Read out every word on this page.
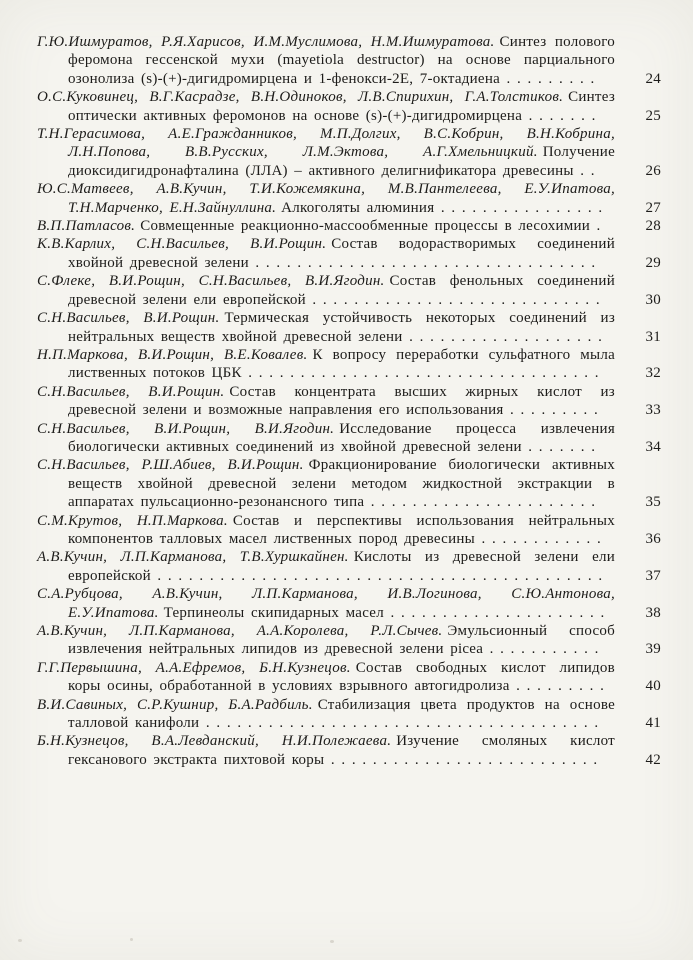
Г.Ю.Ишмуратов, Р.Я.Харисов, И.М.Муслимова, Н.М.Ишмуратова. Синтез полового феромона гессенской мухи (mayetiola destructor) на основе парциального озонолиза (s)-(+)-дигидромирцена и 1-фенокси-2Е, 7-октадиена . . . . . . . . .	24
О.С.Куковинец, В.Г.Касрадзе, В.Н.Одиноков, Л.В.Спирихин, Г.А.Толстиков. Синтез оптически активных феромонов на основе (s)-(+)-дигидромирцена . . . . . . .	25
Т.Н.Герасимова, А.Е.Гражданников, М.П.Долгих, В.С.Кобрин, В.Н.Кобрина, Л.Н.Попова, В.В.Русских, Л.М.Эктова, А.Г.Хмельницкий. Получение диоксидигидронафталина (ЛЛА) – активного делигнификатора древесины . .	26
Ю.С.Матвеев, А.В.Кучин, Т.И.Кожемякина, М.В.Пантелеева, Е.У.Ипатова, Т.Н.Марченко, Е.Н.Зайнуллина. Алкоголяты алюминия . . . . . . . . . . . . . . . .	27
В.П.Патласов. Совмещенные реакционно-массообменные процессы в лесохимии .	28
К.В.Карлих, С.Н.Васильев, В.И.Рощин. Состав водорастворимых соединений хвойной древесной зелени . . . . . . . . . . . . . . . . . . . . . . . . . . . . . . . . .	29
С.Флеке, В.И.Рощин, С.Н.Васильев, В.И.Ягодин. Состав фенольных соединений древесной зелени ели европейской . . . . . . . . . . . . . . . . . . . . . . . . . . . .	30
С.Н.Васильев, В.И.Рощин. Термическая устойчивость некоторых соединений из нейтральных веществ хвойной древесной зелени . . . . . . . . . . . . . . . . . . .	31
Н.П.Маркова, В.И.Рощин, В.Е.Ковалев. К вопросу переработки сульфатного мыла лиственных потоков ЦБК . . . . . . . . . . . . . . . . . . . . . . . . . . . . . . . . . .	32
С.Н.Васильев, В.И.Рощин. Состав концентрата высших жирных кислот из древесной зелени и возможные направления его использования . . . . . . . . .	33
С.Н.Васильев, В.И.Рощин, В.И.Ягодин. Исследование процесса извлечения биологически активных соединений из хвойной древесной зелени . . . . . . .	34
С.Н.Васильев, Р.Ш.Абиев, В.И.Рощин. Фракционирование биологически активных веществ хвойной древесной зелени методом жидкостной экстракции в аппаратах пульсационно-резонансного типа . . . . . . . . . . . . . . . . . . . . . .	35
С.М.Крутов, Н.П.Маркова. Состав и перспективы использования нейтральных компонентов талловых масел лиственных пород древесины . . . . . . . . . . . .	36
А.В.Кучин, Л.П.Карманова, Т.В.Хуршкайнен. Кислоты из древесной зелени ели европейской . . . . . . . . . . . . . . . . . . . . . . . . . . . . . . . . . . . . . . . . . . .	37
С.А.Рубцова, А.В.Кучин, Л.П.Карманова, И.В.Логинова, С.Ю.Антонова, Е.У.Ипатова. Терпинеолы скипидарных масел . . . . . . . . . . . . . . . . . . . . .	38
А.В.Кучин, Л.П.Карманова, А.А.Королева, Р.Л.Сычев. Эмульсионный способ извлечения нейтральных липидов из древесной зелени picea . . . . . . . . . . .	39
Г.Г.Первышина, А.А.Ефремов, Б.Н.Кузнецов. Состав свободных кислот липидов коры осины, обработанной в условиях взрывного автогидролиза . . . . . . . . .	40
В.И.Савиных, С.Р.Кушнир, Б.А.Радбиль. Стабилизация цвета продуктов на основе талловой канифоли . . . . . . . . . . . . . . . . . . . . . . . . . . . . . . . . . . . . . .	41
Б.Н.Кузнецов, В.А.Левданский, Н.И.Полежаева. Изучение смоляных кислот гексанового экстракта пихтовой коры . . . . . . . . . . . . . . . . . . . . . . . . . .	42
